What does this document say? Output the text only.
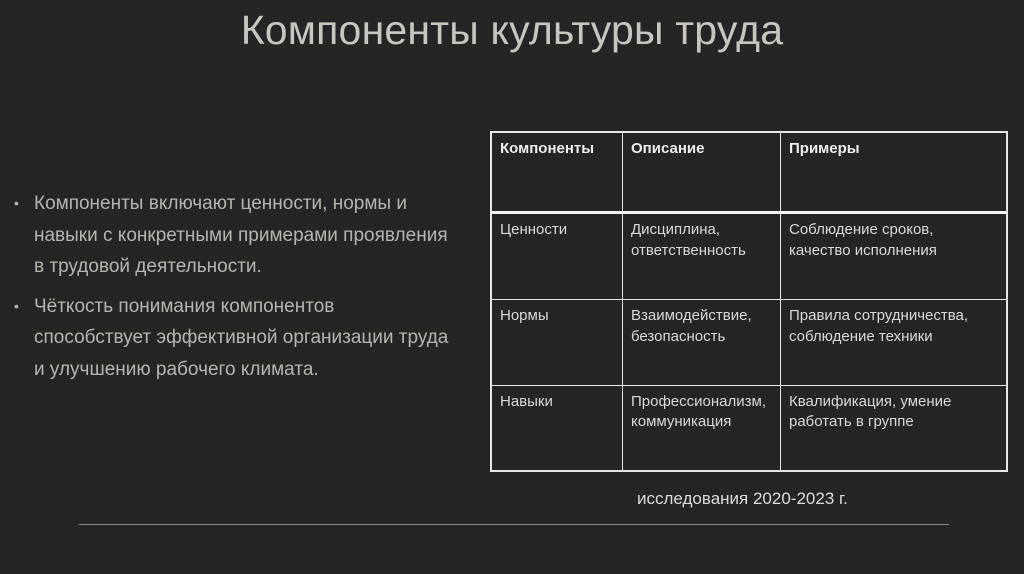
Компоненты культуры труда
• Компоненты включают ценности, нормы и навыки с конкретными примерами проявления в трудовой деятельности.
• Чёткость понимания компонентов способствует эффективной организации труда и улучшению рабочего климата.
Компоненты	Описание	Примеры
Ценности	Дисциплина, ответственность	Соблюдение сроков, качество исполнения
Нормы	Взаимодействие, безопасность	Правила сотрудничества, соблюдение техники
Навыки	Профессионализм, коммуникация	Квалификация, умение работать в группе
исследования 2020-2023 г.
